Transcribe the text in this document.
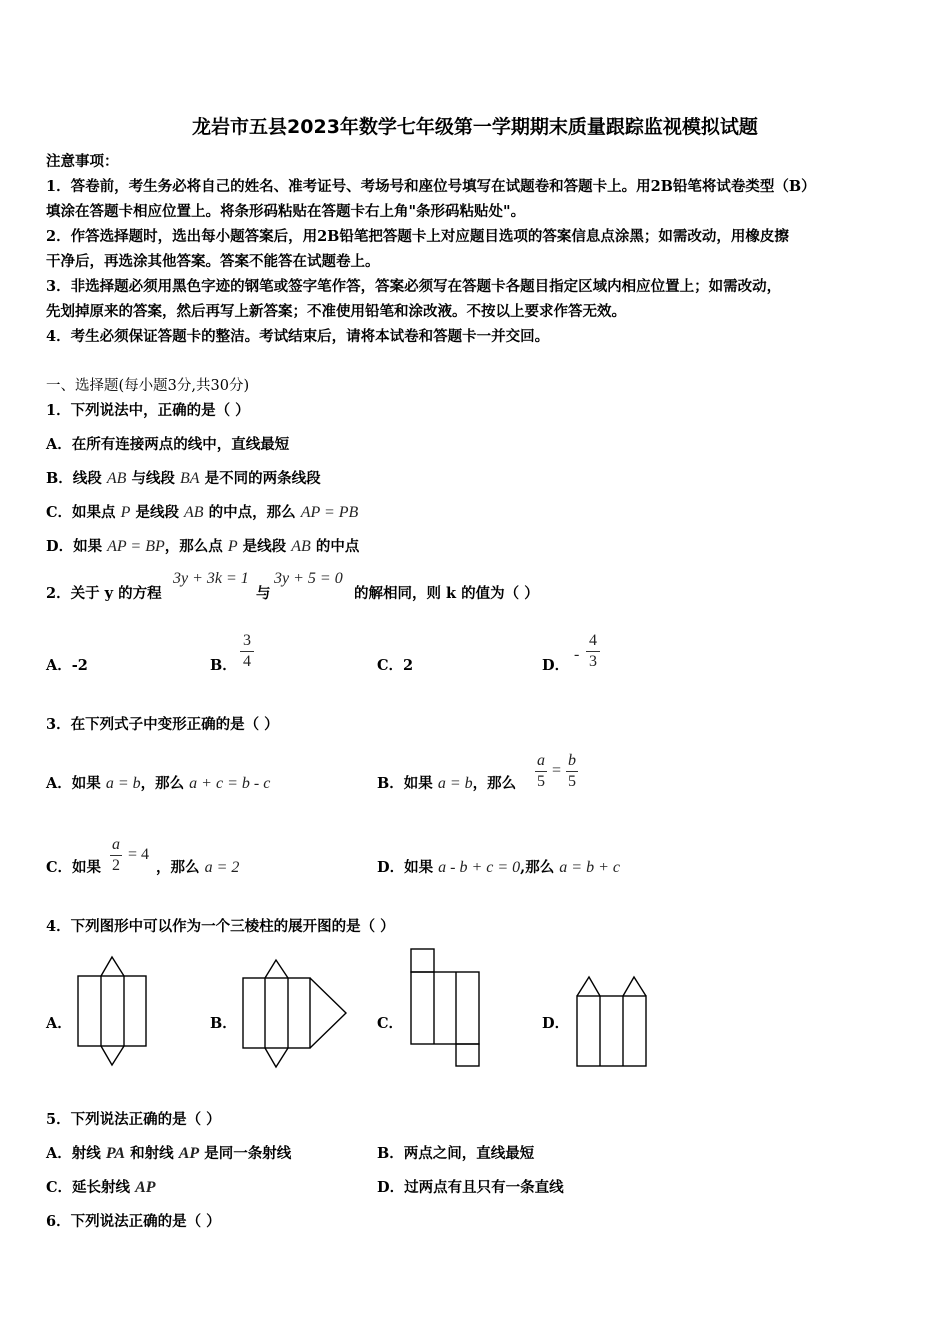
龙岩市五县2023年数学七年级第一学期期末质量跟踪监视模拟试题
注意事项：
1．答卷前，考生务必将自己的姓名、准考证号、考场号和座位号填写在试题卷和答题卡上。用2B铅笔将试卷类型（B）
填涂在答题卡相应位置上。将条形码粘贴在答题卡右上角"条形码粘贴处"。
2．作答选择题时，选出每小题答案后，用2B铅笔把答题卡上对应题目选项的答案信息点涂黑；如需改动，用橡皮擦
干净后，再选涂其他答案。答案不能答在试题卷上。
3．非选择题必须用黑色字迹的钢笔或签字笔作答，答案必须写在答题卡各题目指定区域内相应位置上；如需改动，
先划掉原来的答案，然后再写上新答案；不准使用铅笔和涂改液。不按以上要求作答无效。
4．考生必须保证答题卡的整洁。考试结束后，请将本试卷和答题卡一并交回。
一、选择题(每小题3分,共30分)
1．下列说法中，正确的是（ ）
A．在所有连接两点的线中，直线最短
B．线段 AB 与线段 BA 是不同的两条线段
C．如果点 P 是线段 AB 的中点，那么 AP = PB
D．如果 AP = BP，那么点 P 是线段 AB 的中点
2．关于 y 的方程
3y + 3k = 1
与
3y + 5 = 0
的解相同，则 k 的值为（ ）
A．-2	B．
3
4	C．2	D．
-
4
3
3．在下列式子中变形正确的是（ ）
A．如果 a = b，那么 a + c = b - c	B．如果 a = b，那么
a
5
=
b
5
C．如果
a
2
= 4
，那么 a = 2	D．如果 a - b + c = 0,那么 a = b + c
4．下列图形中可以作为一个三棱柱的展开图的是（ ）
A．	B．	C．	D．
5．下列说法正确的是（ ）
A．射线 PA 和射线 AP 是同一条射线	B．两点之间，直线最短
C．延长射线 AP	D．过两点有且只有一条直线
6．下列说法正确的是（ ）
